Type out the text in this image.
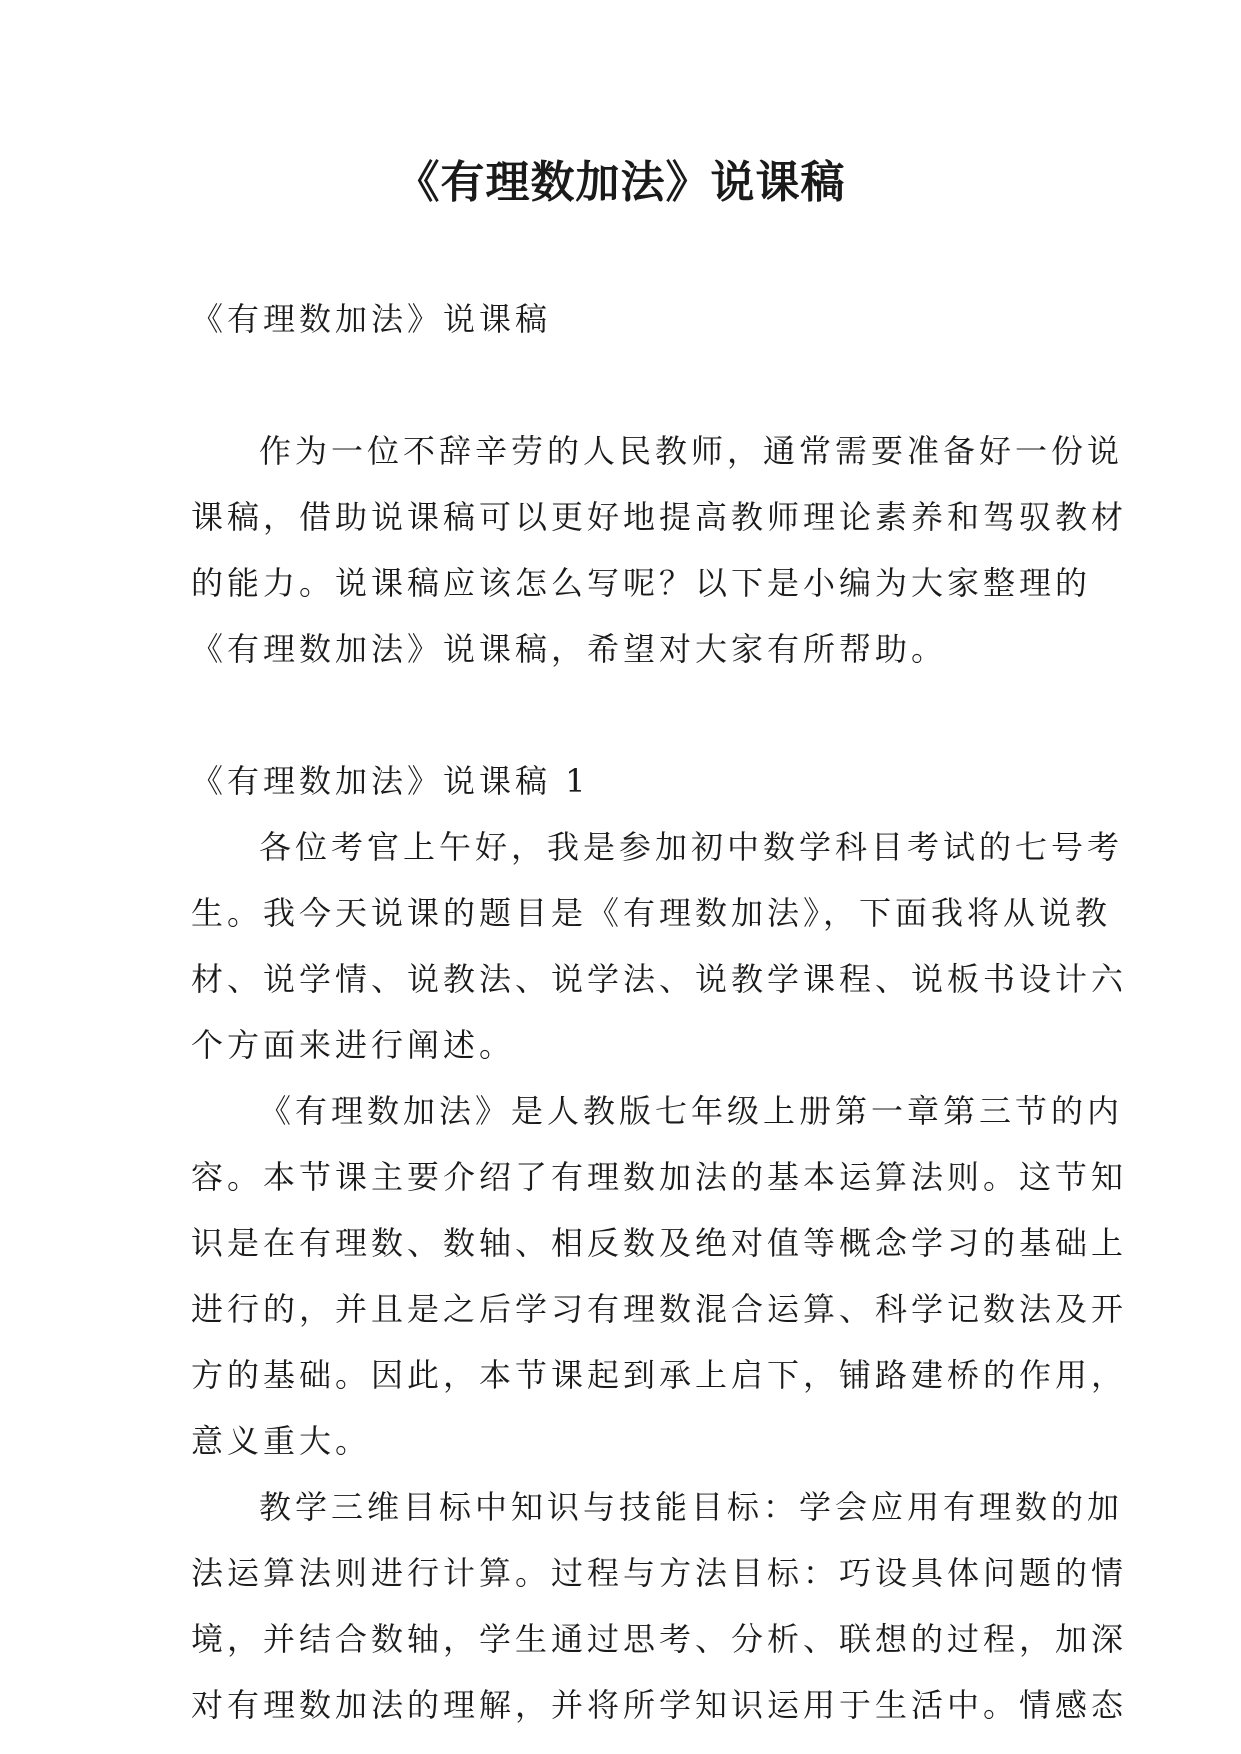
《有理数加法》说课稿
《有理数加法》说课稿
作为一位不辞辛劳的人民教师，通常需要准备好一份说
课稿，借助说课稿可以更好地提高教师理论素养和驾驭教材
的能力。说课稿应该怎么写呢？以下是小编为大家整理的
《有理数加法》说课稿，希望对大家有所帮助。
《有理数加法》说课稿 1
各位考官上午好，我是参加初中数学科目考试的七号考
生。我今天说课的题目是《有理数加法》，下面我将从说教
材、说学情、说教法、说学法、说教学课程、说板书设计六
个方面来进行阐述。
《有理数加法》是人教版七年级上册第一章第三节的内
容。本节课主要介绍了有理数加法的基本运算法则。这节知
识是在有理数、数轴、相反数及绝对值等概念学习的基础上
进行的，并且是之后学习有理数混合运算、科学记数法及开
方的基础。因此，本节课起到承上启下，铺路建桥的作用，
意义重大。
教学三维目标中知识与技能目标：学会应用有理数的加
法运算法则进行计算。过程与方法目标：巧设具体问题的情
境，并结合数轴，学生通过思考、分析、联想的过程，加深
对有理数加法的理解，并将所学知识运用于生活中。情感态
